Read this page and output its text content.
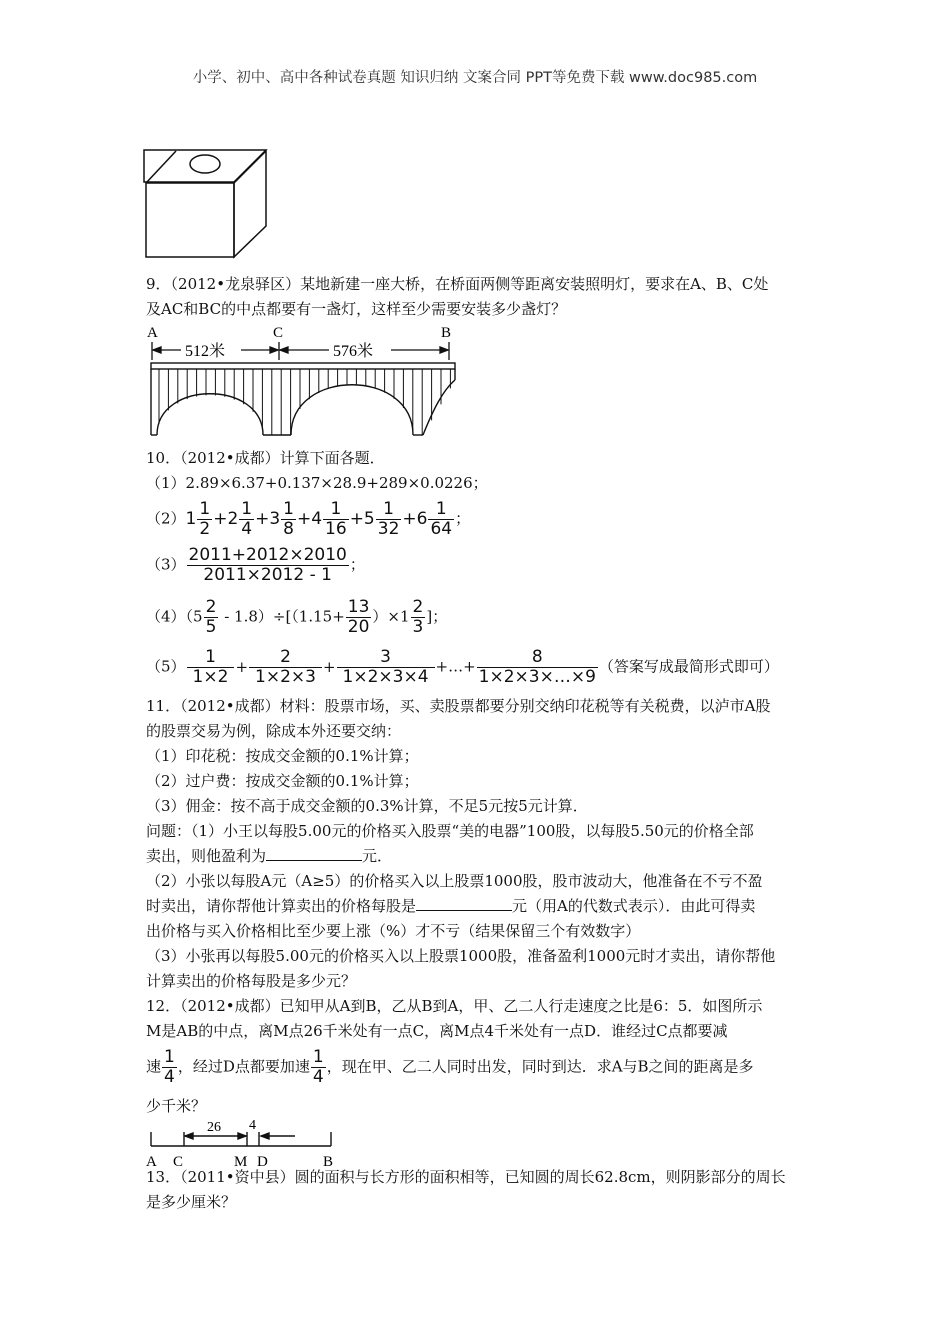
小学、初中、高中各种试卷真题 知识归纳 文案合同 PPT等免费下载 www.doc985.com
9．（2012•龙泉驿区）某地新建一座大桥，在桥面两侧等距离安装照明灯，要求在A、B、C处
及AC和BC的中点都要有一盏灯，这样至少需要安装多少盏灯？
A	C	B
512米	576米
10．（2012•成都）计算下面各题．
（1）2.89×6.37+0.137×28.9+289×0.0226；
$(2)1 \frac{1}{2} +2 \frac{1}{4} +3 \frac{1}{8} +4 \frac{1}{16} +5 \frac{1}{32} +6 \frac{1}{64}$ ；
$(3) \frac{2011+2012\times 2010}{2011\times 2012 - 1}$ ；
$(4)(5 \frac{2}{5} - 1.8)\div[(1.15+ \frac{13}{20} )\times 1 \frac{2}{3}$ ]；
$(5) \frac{1}{1\times 2} + \frac{2}{1\times 2\times 3} + \frac{3}{1\times 2\times 3\times 4}$ +…+ $\frac{8}{1\times 2\times 3\times\dots\times 9}$ （答案写成最简形式即可）
11．（2012•成都）材料：股票市场，买、卖股票都要分别交纳印花税等有关税费，以泸市A股
的股票交易为例，除成本外还要交纳：
（1）印花税：按成交金额的0.1%计算；
（2）过户费：按成交金额的0.1%计算；
（3）佣金：按不高于成交金额的0.3%计算，不足5元按5元计算．
问题：（1）小王以每股5.00元的价格买入股票“美的电器”100股，以每股5.50元的价格全部
卖出，则他盈利为	元．
（2）小张以每股A元（A≥5）的价格买入以上股票1000股，股市波动大，他准备在不亏不盈
时卖出，请你帮他计算卖出的价格每股是	元（用A的代数式表示）．由此可得卖
出价格与买入价格相比至少要上涨（%）才不亏（结果保留三个有效数字）
（3）小张再以每股5.00元的价格买入以上股票1000股，准备盈利1000元时才卖出，请你帮他
计算卖出的价格每股是多少元？
12．（2012•成都）已知甲从A到B，乙从B到A，甲、乙二人行走速度之比是6：5．如图所示
M是AB的中点，离M点26千米处有一点C，离M点4千米处有一点D．谁经过C点都要减
速 $\frac{1}{4}$ ，经过D点都要加速 $\frac{1}{4}$ ，现在甲、乙二人同时出发，同时到达．求A与B之间的距离是多
少千米？
26 4
A C	M D	B
13．（2011•资中县）圆的面积与长方形的面积相等，已知圆的周长62.8cm，则阴影部分的周长
是多少厘米？
